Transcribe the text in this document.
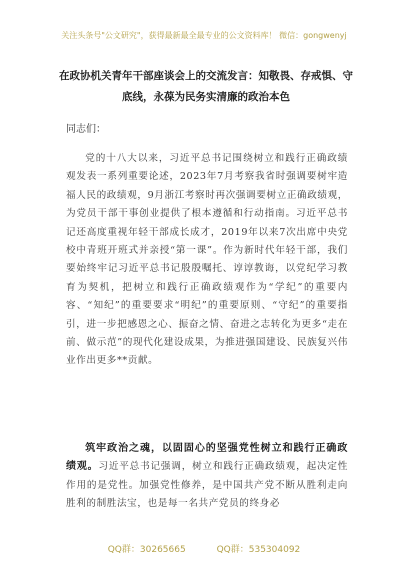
关注头条号"公文研究"，获得最新最全最专业的公文资料库！ 微信：gongwenyj
在政协机关青年干部座谈会上的交流发言：知敬畏、存戒惧、守底线，永葆为民务实清廉的政治本色
同志们：
党的十八大以来，习近平总书记围绕树立和践行正确政绩观发表一系列重要论述，2023年7月考察我省时强调要树牢造福人民的政绩观，9月浙江考察时再次强调要树立正确政绩观，为党员干部干事创业提供了根本遵循和行动指南。习近平总书记还高度重视年轻干部成长成才，2019年以来7次出席中央党校中青班开班式并亲授“第一课”。作为新时代年轻干部，我们要始终牢记习近平总书记殷殷嘱托、谆谆教诲，以党纪学习教育为契机，把树立和践行正确政绩观作为“学纪”的重要内容、“知纪”的重要要求“明纪”的重要原则、“守纪”的重要指引，进一步把感恩之心、振奋之情、奋进之志转化为更多“走在前、做示范”的现代化建设成果，为推进强国建设、民族复兴伟业作出更多**贡献。
筑牢政治之魂，以固固心的坚强党性树立和践行正确政绩观。习近平总书记强调，树立和践行正确政绩观，起决定性作用的是党性。加强党性修养，是中国共产党不断从胜利走向胜利的制胜法宝，也是每一名共产党员的终身必
QQ群：30265665	QQ群：535304092
